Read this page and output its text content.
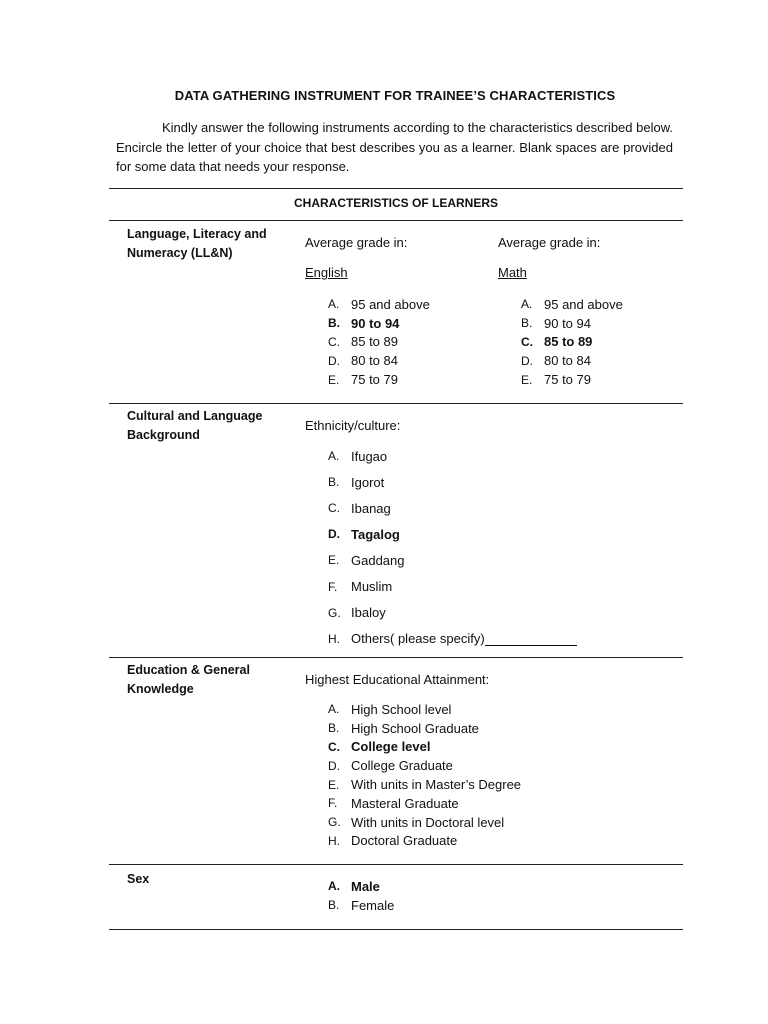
DATA GATHERING INSTRUMENT FOR TRAINEE’S CHARACTERISTICS

Kindly answer the following instruments according to the characteristics described below. Encircle the letter of your choice that best describes you as a learner. Blank spaces are provided for some data that needs your response.

CHARACTERISTICS OF LEARNERS
Language, Literacy and
Numeracy (LL&N)
Average grade in:
English
A. 95 and above
B. 90 to 94
C. 85 to 89
D. 80 to 84
E. 75 to 79
Average grade in:
Math
A. 95 and above
B. 90 to 94
C. 85 to 89
D. 80 to 84
E. 75 to 79
Cultural and Language
Background
Ethnicity/culture:
A. Ifugao
B. Igorot
C. Ibanag
D. Tagalog
E. Gaddang
F.	Muslim
G. Ibaloy
H. Others( please specify)
Education & General
Knowledge
Highest Educational Attainment:
A. High School level
B. High School Graduate
C. College level
D. College Graduate
E. With units in Master’s Degree
F.	Masteral Graduate
G. With units in Doctoral level
H. Doctoral Graduate
Sex
A. Male
B. Female
